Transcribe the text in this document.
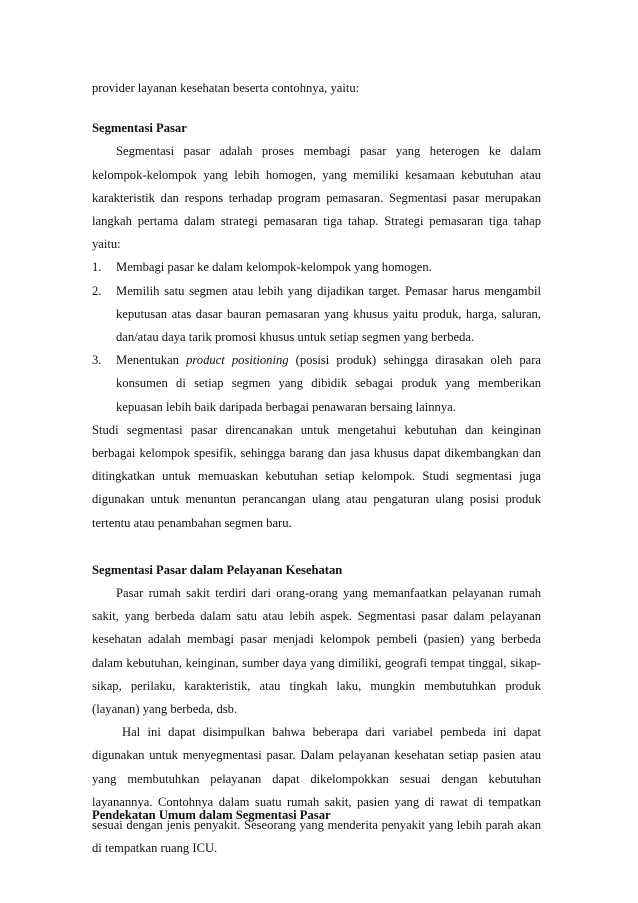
provider layanan kesehatan beserta contohnya, yaitu:

Segmentasi Pasar

Segmentasi pasar adalah proses membagi pasar yang heterogen ke dalam kelompok-kelompok yang lebih homogen, yang memiliki kesamaan kebutuhan atau karakteristik dan respons terhadap program pemasaran. Segmentasi pasar merupakan langkah pertama dalam strategi pemasaran tiga tahap. Strategi pemasaran tiga tahap yaitu:

1. Membagi pasar ke dalam kelompok-kelompok yang homogen.
2. Memilih satu segmen atau lebih yang dijadikan target. Pemasar harus mengambil keputusan atas dasar bauran pemasaran yang khusus yaitu produk, harga, saluran, dan/atau daya tarik promosi khusus untuk setiap segmen yang berbeda.
3. Menentukan product positioning (posisi produk) sehingga dirasakan oleh para konsumen di setiap segmen yang dibidik sebagai produk yang memberikan kepuasan lebih baik daripada berbagai penawaran bersaing lainnya.

Studi segmentasi pasar direncanakan untuk mengetahui kebutuhan dan keinginan berbagai kelompok spesifik, sehingga barang dan jasa khusus dapat dikembangkan dan ditingkatkan untuk memuaskan kebutuhan setiap kelompok. Studi segmentasi juga digunakan untuk menuntun perancangan ulang atau pengaturan ulang posisi produk tertentu atau penambahan segmen baru.

Segmentasi Pasar dalam Pelayanan Kesehatan

Pasar rumah sakit terdiri dari orang-orang yang memanfaatkan pelayanan rumah sakit, yang berbeda dalam satu atau lebih aspek. Segmentasi pasar dalam pelayanan kesehatan adalah membagi pasar menjadi kelompok pembeli (pasien) yang berbeda dalam kebutuhan, keinginan, sumber daya yang dimiliki, geografi tempat tinggal, sikap-sikap, perilaku, karakteristik, atau tingkah laku, mungkin membutuhkan produk (layanan) yang berbeda, dsb.

Hal ini dapat disimpulkan bahwa beberapa dari variabel pembeda ini dapat digunakan untuk menyegmentasi pasar. Dalam pelayanan kesehatan setiap pasien atau yang membutuhkan pelayanan dapat dikelompokkan sesuai dengan kebutuhan layanannya. Contohnya dalam suatu rumah sakit, pasien yang di rawat di tempatkan sesuai dengan jenis penyakit. Seseorang yang menderita penyakit yang lebih parah akan di tempatkan ruang ICU.

Pendekatan Umum dalam Segmentasi Pasar
